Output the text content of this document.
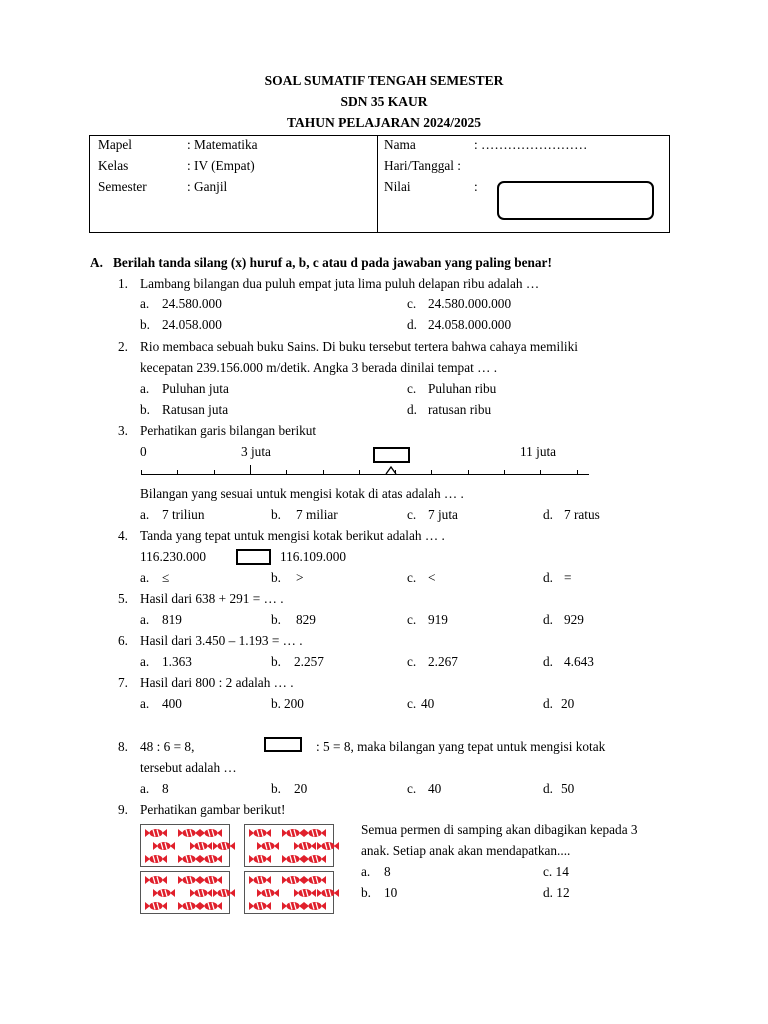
SOAL SUMATIF TENGAH SEMESTER
SDN 35 KAUR
TAHUN PELAJARAN 2024/2025
Mapel	: Matematika
Kelas	: IV (Empat)
Semester	: Ganjil
Nama	: ……………………
Hari/Tanggal :
Nilai	:
A. Berilah tanda silang (x) huruf a, b, c atau d pada jawaban yang paling benar!
1. Lambang bilangan dua puluh empat juta lima puluh delapan ribu adalah …
a. 24.580.000	c. 24.580.000.000
b. 24.058.000	d. 24.058.000.000
2. Rio membaca sebuah buku Sains. Di buku tersebut tertera bahwa cahaya memiliki
kecepatan 239.156.000 m/detik. Angka 3 berada dinilai tempat … .
a. Puluhan juta	c. Puluhan ribu
b. Ratusan juta	d. ratusan ribu
3. Perhatikan garis bilangan berikut
0	3 juta	11 juta
Bilangan yang sesuai untuk mengisi kotak di atas adalah … .
a. 7 triliun	b. 7 miliar	c. 7 juta	d. 7 ratus
4. Tanda yang tepat untuk mengisi kotak berikut adalah … .
116.230.000	116.109.000
a. ≤	b. >	c. <	d. =
5. Hasil dari 638 + 291 = … .
a. 819	b. 829	c. 919	d. 929
6. Hasil dari 3.450 – 1.193 = … .
a. 1.363	b. 2.257	c. 2.267	d. 4.643
7. Hasil dari 800 : 2 adalah … .
a. 400	b. 200	c. 40	d. 20
8. 48 : 6 = 8,	: 5 = 8, maka bilangan yang tepat untuk mengisi kotak
tersebut adalah …
a. 8	b. 20	c. 40	d. 50
9. Perhatikan gambar berikut!
Semua permen di samping akan dibagikan kepada 3
anak. Setiap anak akan mendapatkan....
a. 8	c. 14
b. 10	d. 12
